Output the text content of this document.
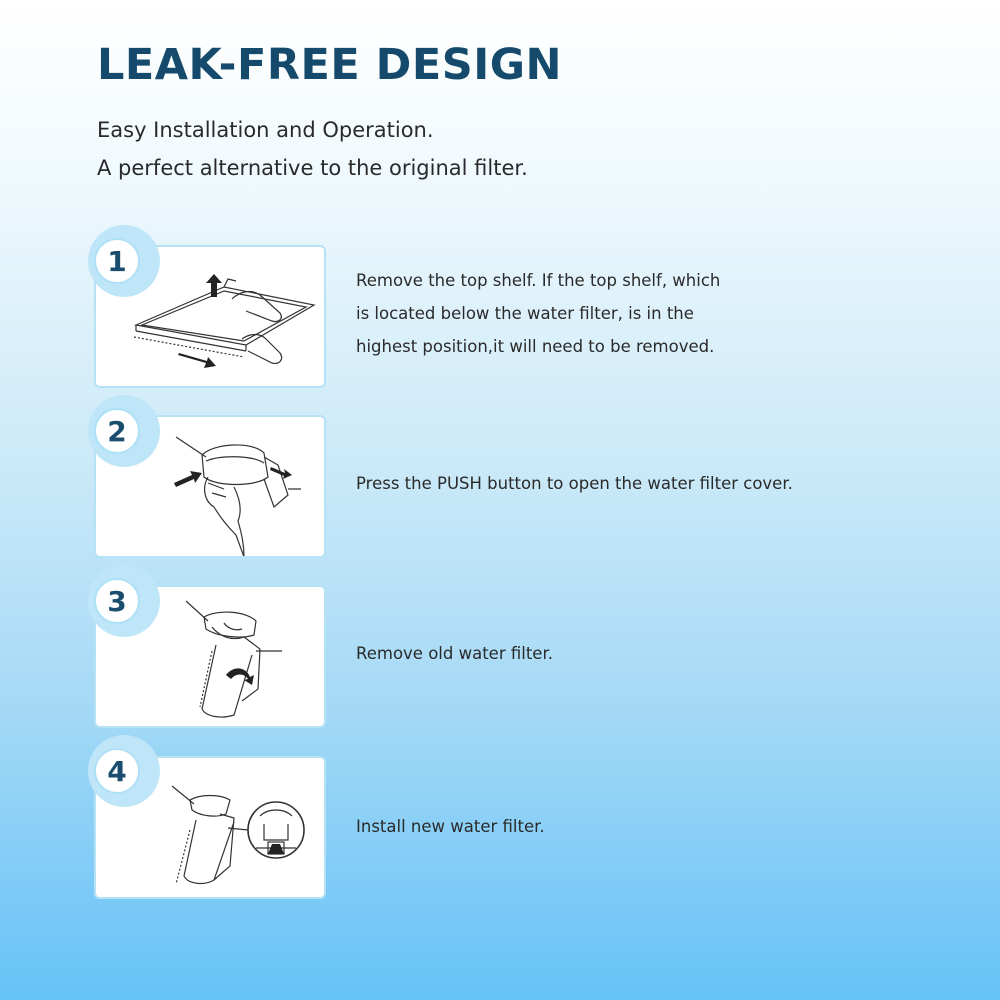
LEAK-FREE DESIGN
Easy Installation and Operation.
A perfect alternative to the original filter.
1
Remove the top shelf. If the top shelf, which
is located below the water filter, is in the
highest position,it will need to be removed.
2
Press the PUSH button to open the water filter cover.
3
Remove old water filter.
4
Install new water filter.
